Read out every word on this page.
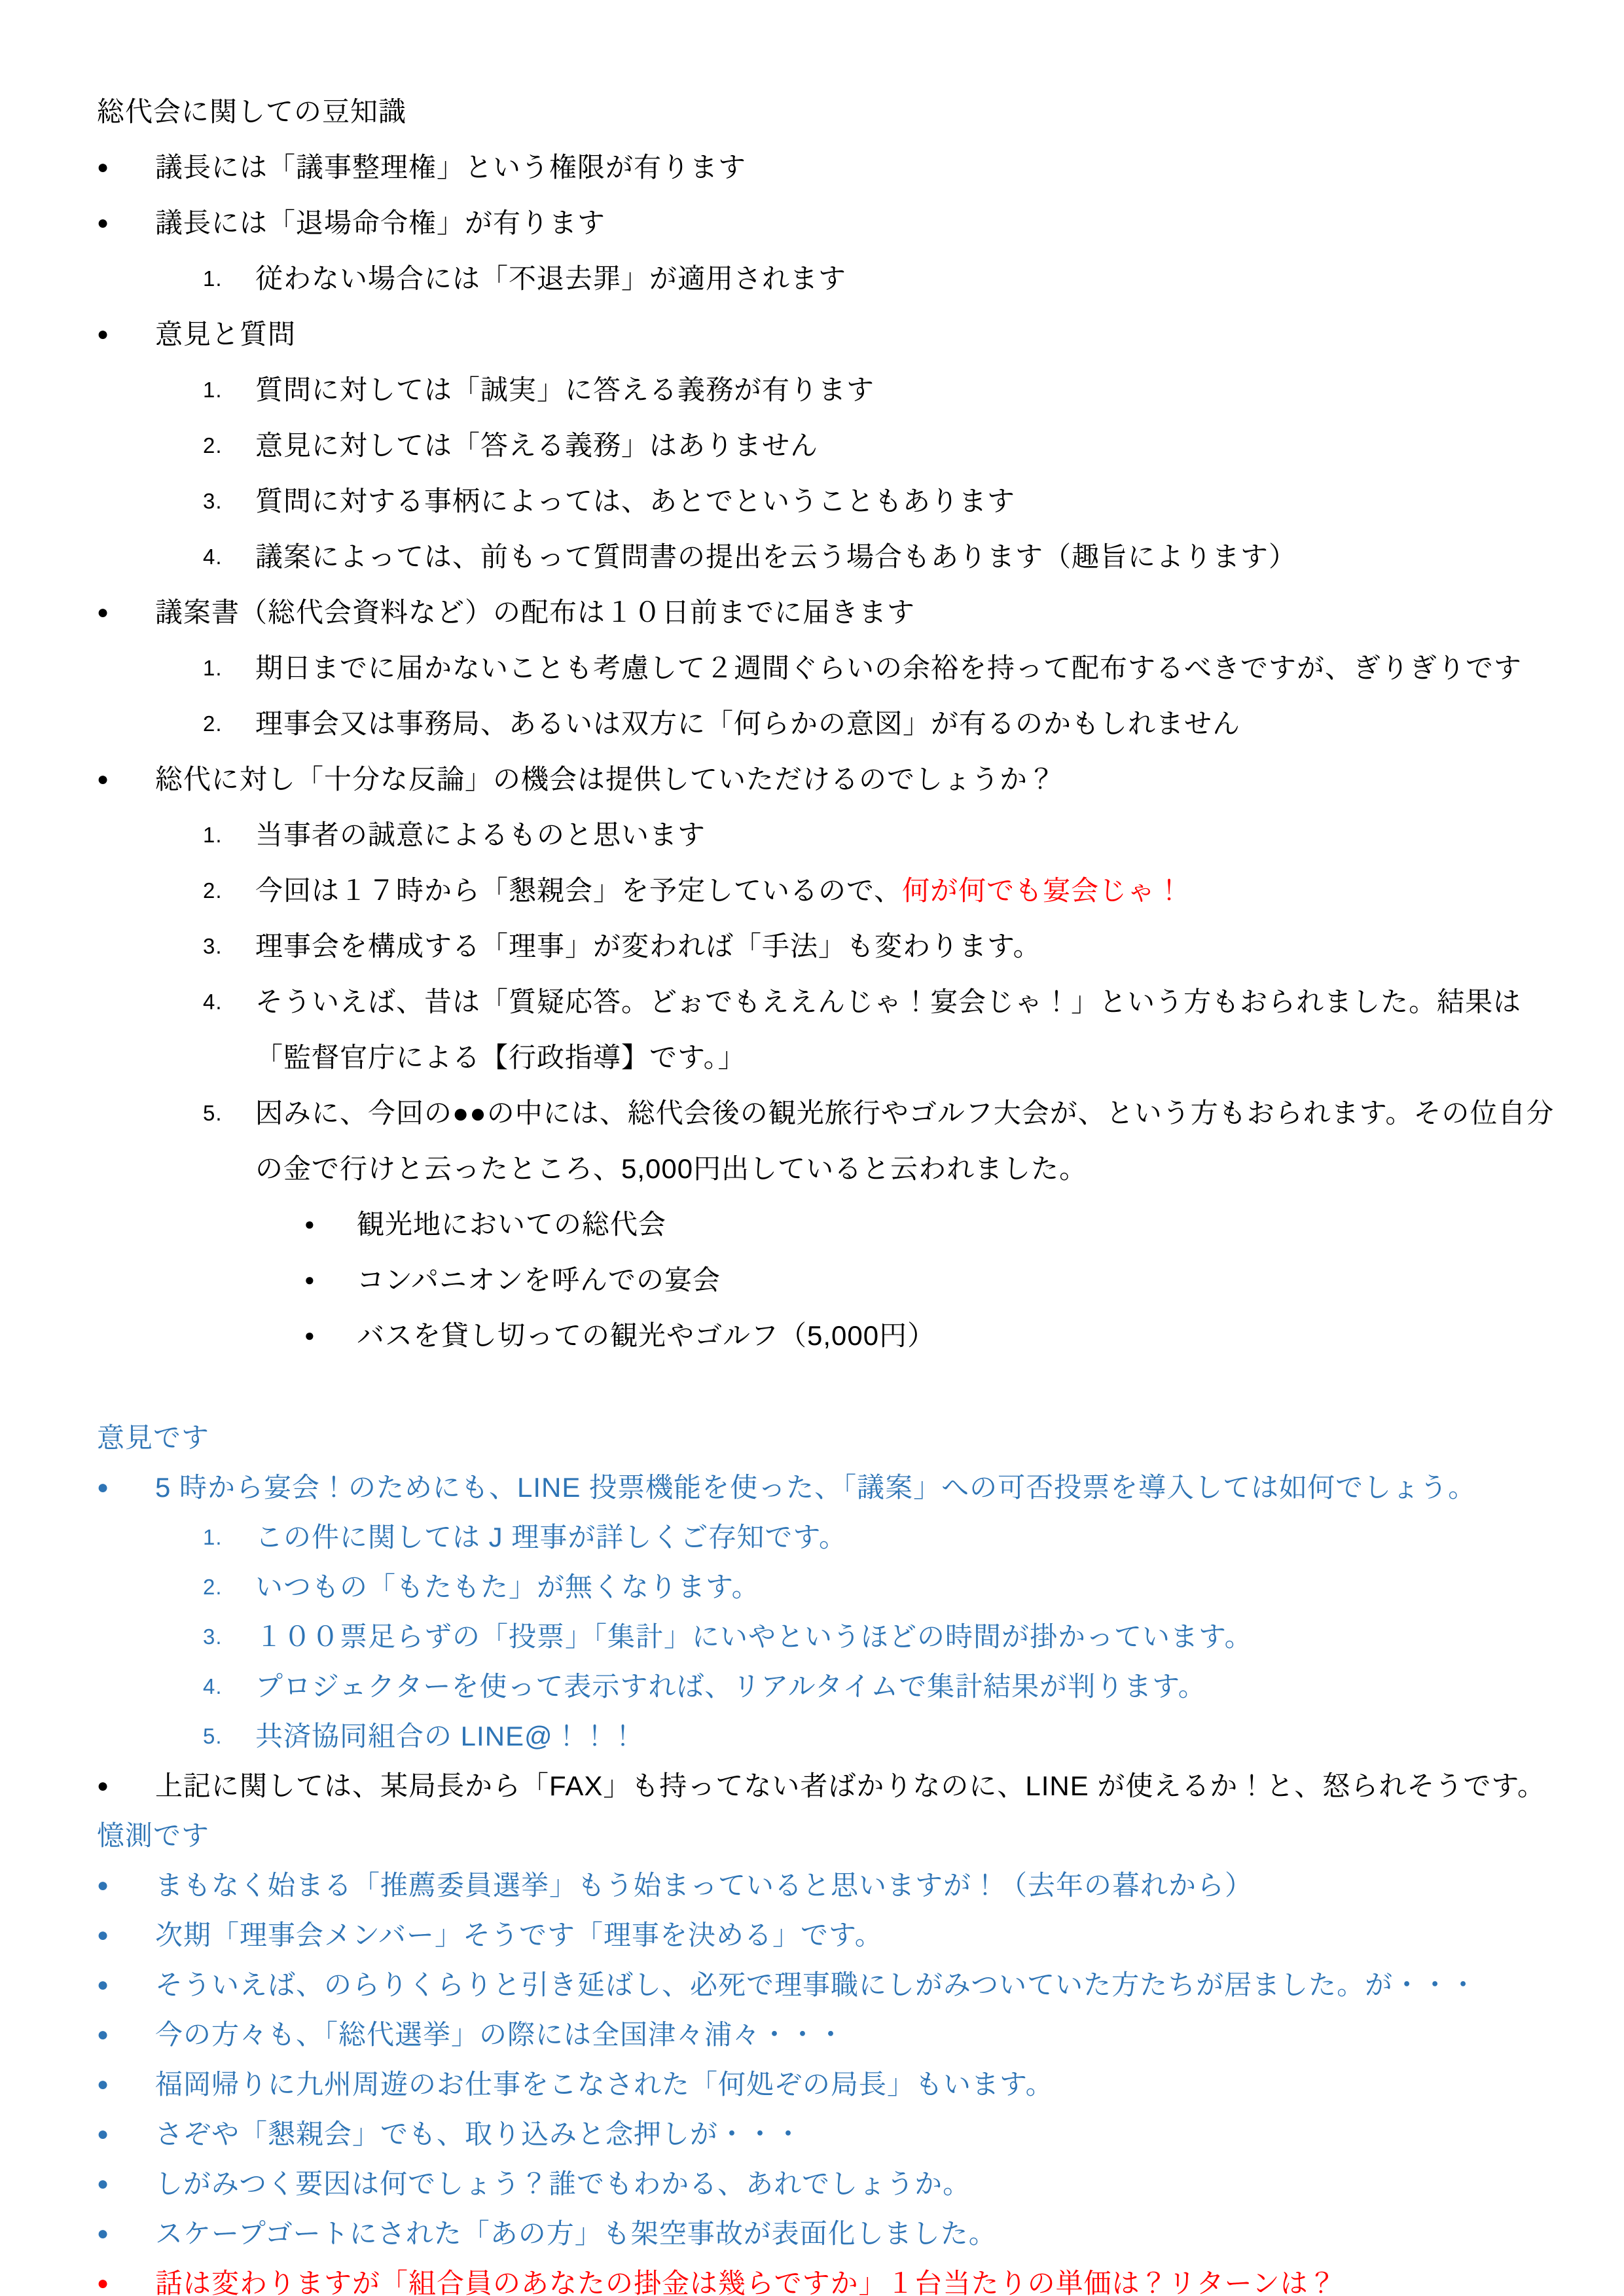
総代会に関しての豆知識
●	議長には「議事整理権」という権限が有ります
●	議長には「退場命令権」が有ります
1.	従わない場合には「不退去罪」が適用されます
●	意見と質問
1.	質問に対しては「誠実」に答える義務が有ります
2.	意見に対しては「答える義務」はありません
3.	質問に対する事柄によっては、あとでということもあります
4.	議案によっては、前もって質問書の提出を云う場合もあります（趣旨によります）
●	議案書（総代会資料など）の配布は１０日前までに届きます
1.	期日までに届かないことも考慮して２週間ぐらいの余裕を持って配布するべきですが、ぎりぎりです
2.	理事会又は事務局、あるいは双方に「何らかの意図」が有るのかもしれません
●	総代に対し「十分な反論」の機会は提供していただけるのでしょうか？
1.	当事者の誠意によるものと思います
2.	今回は１７時から「懇親会」を予定しているので、何が何でも宴会じゃ！
3.	理事会を構成する「理事」が変われば「手法」も変わります。
4.	そういえば、昔は「質疑応答。どぉでもええんじゃ！宴会じゃ！」という方もおられました。結果は「監督官庁による【行政指導】です。」
5.	因みに、今回の●●の中には、総代会後の観光旅行やゴルフ大会が、という方もおられます。その位自分の金で行けと云ったところ、5,000円出していると云われました。
●	観光地においての総代会
●	コンパニオンを呼んでの宴会
●	バスを貸し切っての観光やゴルフ（5,000円）
意見です
●	5 時から宴会！のためにも、LINE 投票機能を使った、「議案」への可否投票を導入しては如何でしょう。
1.	この件に関しては J 理事が詳しくご存知です。
2.	いつもの「もたもた」が無くなります。
3.	１００票足らずの「投票」「集計」にいやというほどの時間が掛かっています。
4.	プロジェクターを使って表示すれば、リアルタイムで集計結果が判ります。
5.	共済協同組合の LINE@！！！
●	上記に関しては、某局長から「FAX」も持ってない者ばかりなのに、LINE が使えるか！と、怒られそうです。
憶測です
●	まもなく始まる「推薦委員選挙」もう始まっていると思いますが！（去年の暮れから）
●	次期「理事会メンバー」そうです「理事を決める」です。
●	そういえば、のらりくらりと引き延ばし、必死で理事職にしがみついていた方たちが居ました。が・・・
●	今の方々も、「総代選挙」の際には全国津々浦々・・・
●	福岡帰りに九州周遊のお仕事をこなされた「何処ぞの局長」もいます。
●	さぞや「懇親会」でも、取り込みと念押しが・・・
●	しがみつく要因は何でしょう？誰でもわかる、あれでしょうか。
●	スケープゴートにされた「あの方」も架空事故が表面化しました。
●	話は変わりますが「組合員のあなたの掛金は幾らですか」１台当たりの単価は？リターンは？
